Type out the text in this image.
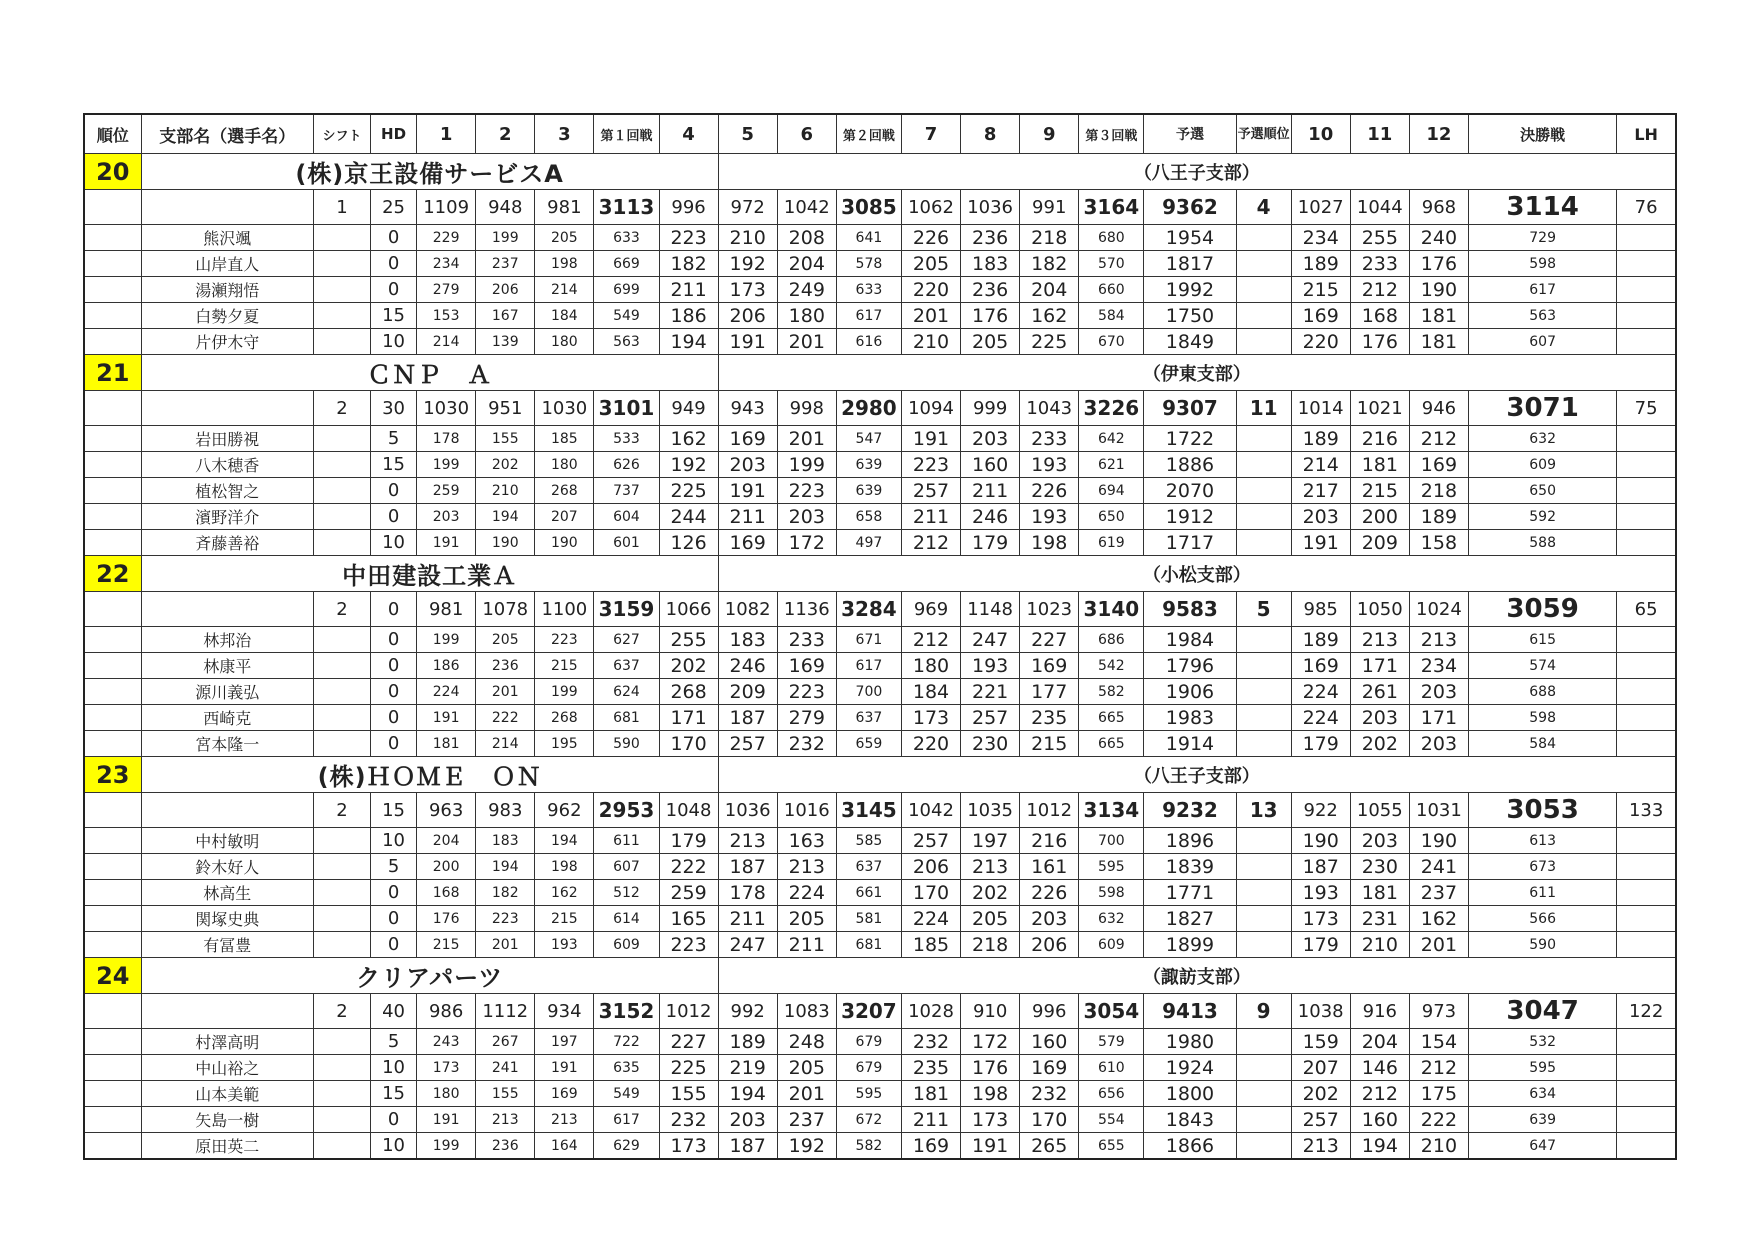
順位	支部名（選手名）	シフト	HD	1	2	3	第１回戦	4	5	6	第２回戦	7	8	9	第３回戦	予選	予選順位	10	11	12	決勝戦	LH
20	(株)京王設備サービスA								（八王子支部）													
		1	25	1109	948	981	3113	996	972	1042	3085	1062	1036	991	3164	9362	4	1027	1044	968	3114	76
	熊沢颯		0	229	199	205	633	223	210	208	641	226	236	218	680	1954		234	255	240	729	
	山岸直人		0	234	237	198	669	182	192	204	578	205	183	182	570	1817		189	233	176	598	
	湯瀬翔悟		0	279	206	214	699	211	173	249	633	220	236	204	660	1992		215	212	190	617	
	白勢夕夏		15	153	167	184	549	186	206	180	617	201	176	162	584	1750		169	168	181	563	
	片伊木守		10	214	139	180	563	194	191	201	616	210	205	225	670	1849		220	176	181	607	
21	ＣＮＰ　Ａ								（伊東支部）													
		2	30	1030	951	1030	3101	949	943	998	2980	1094	999	1043	3226	9307	11	1014	1021	946	3071	75
	岩田勝視		5	178	155	185	533	162	169	201	547	191	203	233	642	1722		189	216	212	632	
	八木穂香		15	199	202	180	626	192	203	199	639	223	160	193	621	1886		214	181	169	609	
	植松智之		0	259	210	268	737	225	191	223	639	257	211	226	694	2070		217	215	218	650	
	濱野洋介		0	203	194	207	604	244	211	203	658	211	246	193	650	1912		203	200	189	592	
	斉藤善裕		10	191	190	190	601	126	169	172	497	212	179	198	619	1717		191	209	158	588	
22	中田建設工業Ａ								（小松支部）													
		2	0	981	1078	1100	3159	1066	1082	1136	3284	969	1148	1023	3140	9583	5	985	1050	1024	3059	65
	林邦治		0	199	205	223	627	255	183	233	671	212	247	227	686	1984		189	213	213	615	
	林康平		0	186	236	215	637	202	246	169	617	180	193	169	542	1796		169	171	234	574	
	源川義弘		0	224	201	199	624	268	209	223	700	184	221	177	582	1906		224	261	203	688	
	西崎克		0	191	222	268	681	171	187	279	637	173	257	235	665	1983		224	203	171	598	
	宮本隆一		0	181	214	195	590	170	257	232	659	220	230	215	665	1914		179	202	203	584	
23	(株)ＨＯＭＥ　ＯＮ								（八王子支部）													
		2	15	963	983	962	2953	1048	1036	1016	3145	1042	1035	1012	3134	9232	13	922	1055	1031	3053	133
	中村敏明		10	204	183	194	611	179	213	163	585	257	197	216	700	1896		190	203	190	613	
	鈴木好人		5	200	194	198	607	222	187	213	637	206	213	161	595	1839		187	230	241	673	
	林高生		0	168	182	162	512	259	178	224	661	170	202	226	598	1771		193	181	237	611	
	関塚史典		0	176	223	215	614	165	211	205	581	224	205	203	632	1827		173	231	162	566	
	有冨豊		0	215	201	193	609	223	247	211	681	185	218	206	609	1899		179	210	201	590	
24	クリアパーツ								（諏訪支部）													
		2	40	986	1112	934	3152	1012	992	1083	3207	1028	910	996	3054	9413	9	1038	916	973	3047	122
	村澤高明		5	243	267	197	722	227	189	248	679	232	172	160	579	1980		159	204	154	532	
	中山裕之		10	173	241	191	635	225	219	205	679	235	176	169	610	1924		207	146	212	595	
	山本美範		15	180	155	169	549	155	194	201	595	181	198	232	656	1800		202	212	175	634	
	矢島一樹		0	191	213	213	617	232	203	237	672	211	173	170	554	1843		257	160	222	639	
	原田英二		10	199	236	164	629	173	187	192	582	169	191	265	655	1866		213	194	210	647	
